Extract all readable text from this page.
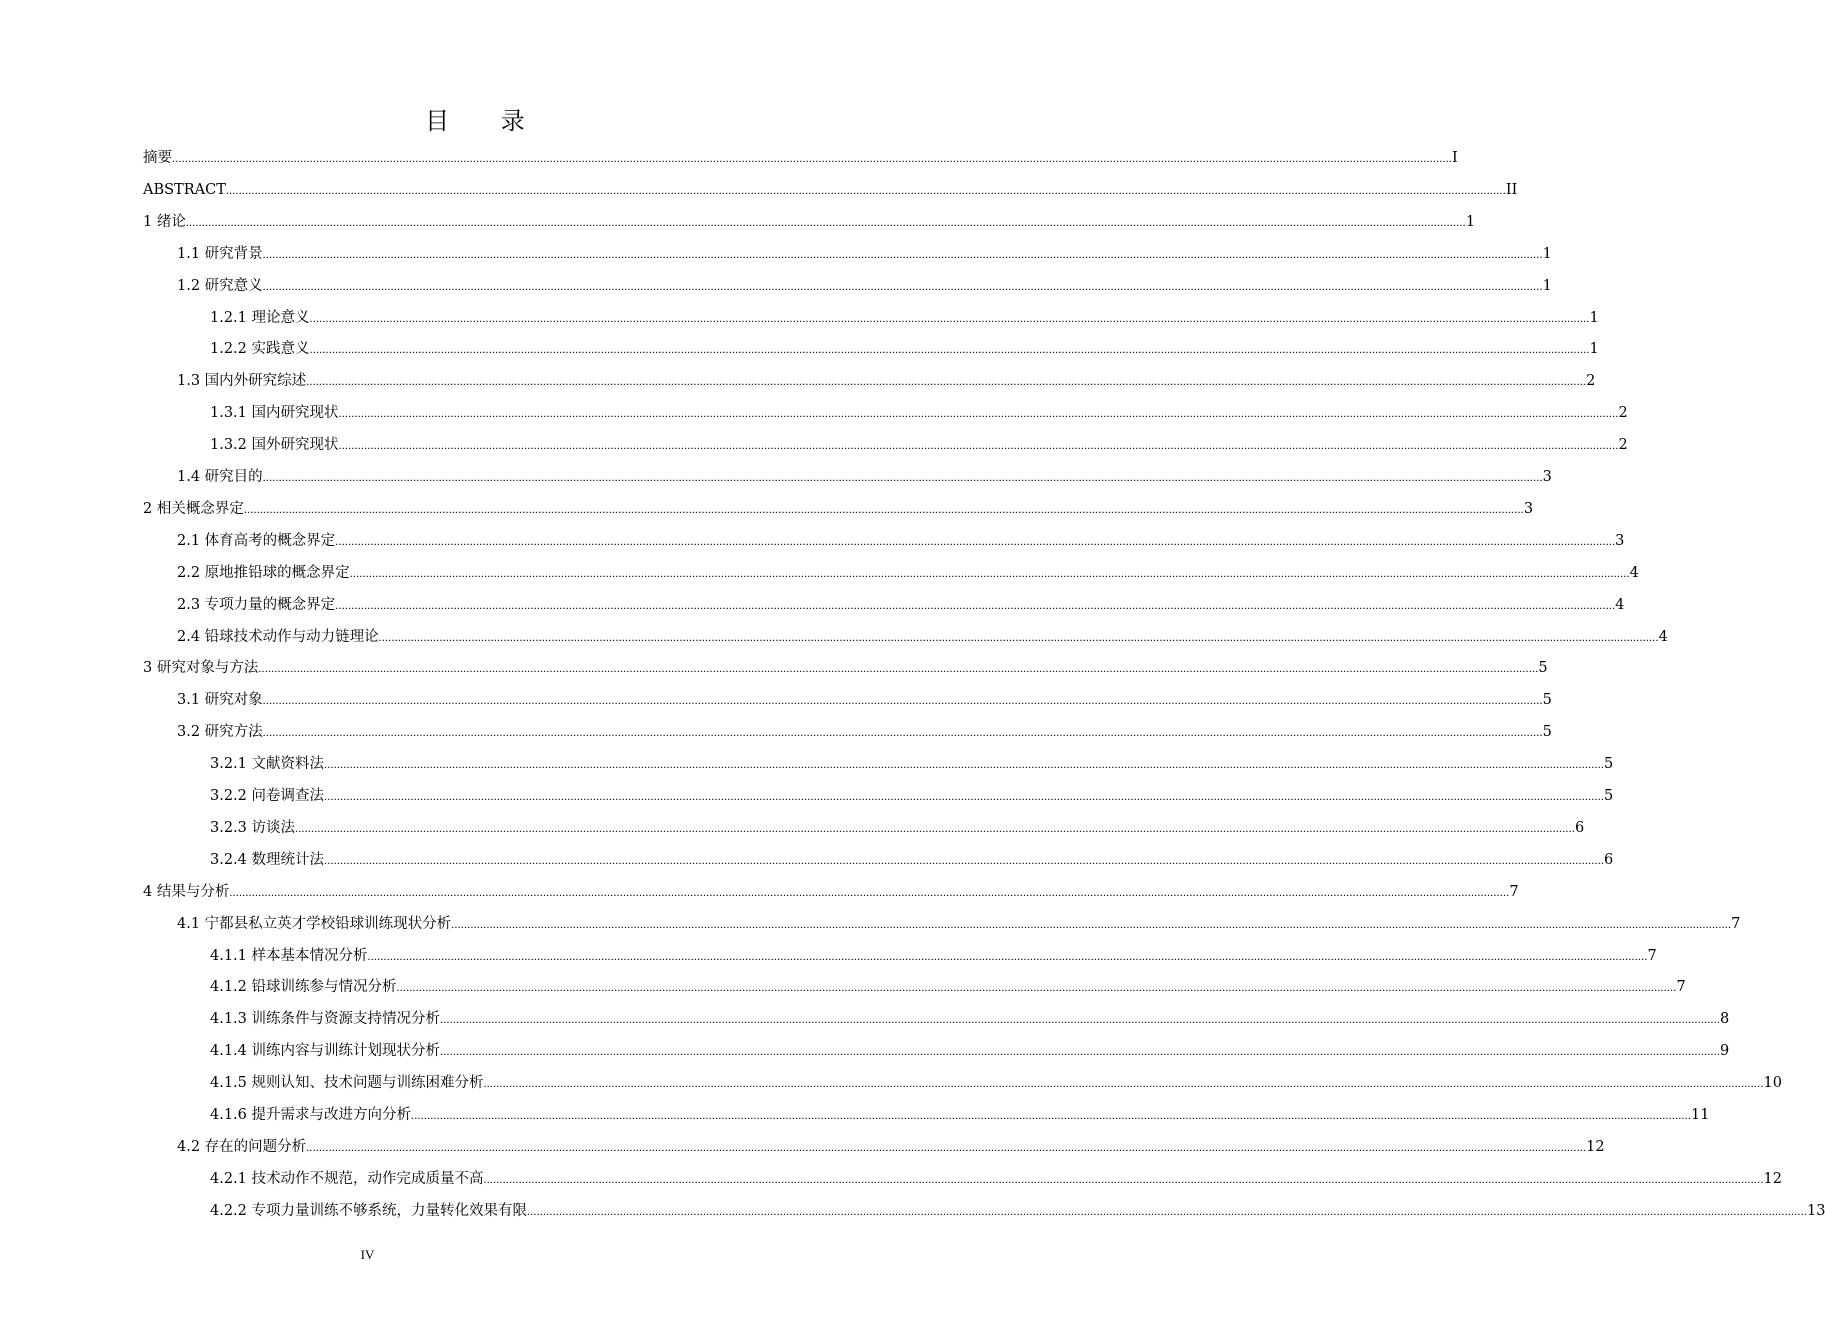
目 录
摘要 ................................................................................................................................................................................................................................................................................................................................................................................................................ I
ABSTRACT ................................................................................................................................................................................................................................................................................................................................................................................................................ II
1 绪论 ................................................................................................................................................................................................................................................................................................................................................................................................................ 1
1.1 研究背景 ................................................................................................................................................................................................................................................................................................................................................................................................................ 1
1.2 研究意义 ................................................................................................................................................................................................................................................................................................................................................................................................................ 1
1.2.1 理论意义 ................................................................................................................................................................................................................................................................................................................................................................................................................ 1
1.2.2 实践意义 ................................................................................................................................................................................................................................................................................................................................................................................................................ 1
1.3 国内外研究综述 ................................................................................................................................................................................................................................................................................................................................................................................................................ 2
1.3.1 国内研究现状 ................................................................................................................................................................................................................................................................................................................................................................................................................ 2
1.3.2 国外研究现状 ................................................................................................................................................................................................................................................................................................................................................................................................................ 2
1.4 研究目的 ................................................................................................................................................................................................................................................................................................................................................................................................................ 3
2 相关概念界定 ................................................................................................................................................................................................................................................................................................................................................................................................................ 3
2.1 体育高考的概念界定 ................................................................................................................................................................................................................................................................................................................................................................................................................ 3
2.2 原地推铅球的概念界定 ................................................................................................................................................................................................................................................................................................................................................................................................................ 4
2.3 专项力量的概念界定 ................................................................................................................................................................................................................................................................................................................................................................................................................ 4
2.4 铅球技术动作与动力链理论 ................................................................................................................................................................................................................................................................................................................................................................................................................ 4
3 研究对象与方法 ................................................................................................................................................................................................................................................................................................................................................................................................................ 5
3.1 研究对象 ................................................................................................................................................................................................................................................................................................................................................................................................................ 5
3.2 研究方法 ................................................................................................................................................................................................................................................................................................................................................................................................................ 5
3.2.1 文献资料法 ................................................................................................................................................................................................................................................................................................................................................................................................................ 5
3.2.2 问卷调查法 ................................................................................................................................................................................................................................................................................................................................................................................................................ 5
3.2.3 访谈法 ................................................................................................................................................................................................................................................................................................................................................................................................................ 6
3.2.4 数理统计法 ................................................................................................................................................................................................................................................................................................................................................................................................................ 6
4 结果与分析 ................................................................................................................................................................................................................................................................................................................................................................................................................ 7
4.1 宁都县私立英才学校铅球训练现状分析 ................................................................................................................................................................................................................................................................................................................................................................................................................ 7
4.1.1 样本基本情况分析 ................................................................................................................................................................................................................................................................................................................................................................................................................ 7
4.1.2 铅球训练参与情况分析 ................................................................................................................................................................................................................................................................................................................................................................................................................ 7
4.1.3 训练条件与资源支持情况分析 ................................................................................................................................................................................................................................................................................................................................................................................................................ 8
4.1.4 训练内容与训练计划现状分析 ................................................................................................................................................................................................................................................................................................................................................................................................................ 9
4.1.5 规则认知、技术问题与训练困难分析 ................................................................................................................................................................................................................................................................................................................................................................................................................ 10
4.1.6 提升需求与改进方向分析 ................................................................................................................................................................................................................................................................................................................................................................................................................ 11
4.2 存在的问题分析 ................................................................................................................................................................................................................................................................................................................................................................................................................ 12
4.2.1 技术动作不规范，动作完成质量不高 ................................................................................................................................................................................................................................................................................................................................................................................................................ 12
4.2.2 专项力量训练不够系统，力量转化效果有限 ................................................................................................................................................................................................................................................................................................................................................................................................................ 13
IV
